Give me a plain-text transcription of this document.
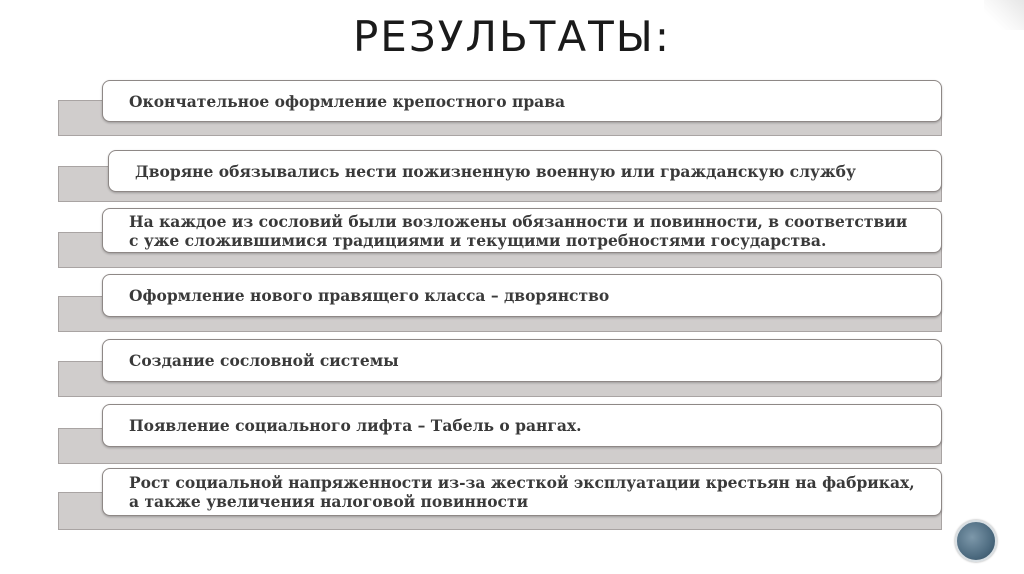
РЕЗУЛЬТАТЫ:
Окончательное оформление крепостного права
Дворяне обязывались нести пожизненную военную или гражданскую службу
На каждое из сословий были возложены обязанности и повинности, в соответствии с уже сложившимися традициями и текущими потребностями государства.
Оформление нового правящего класса – дворянство
Создание сословной системы
Появление социального лифта – Табель о рангах.
Рост социальной напряженности из-за жесткой эксплуатации крестьян на фабриках, а также увеличения налоговой повинности
